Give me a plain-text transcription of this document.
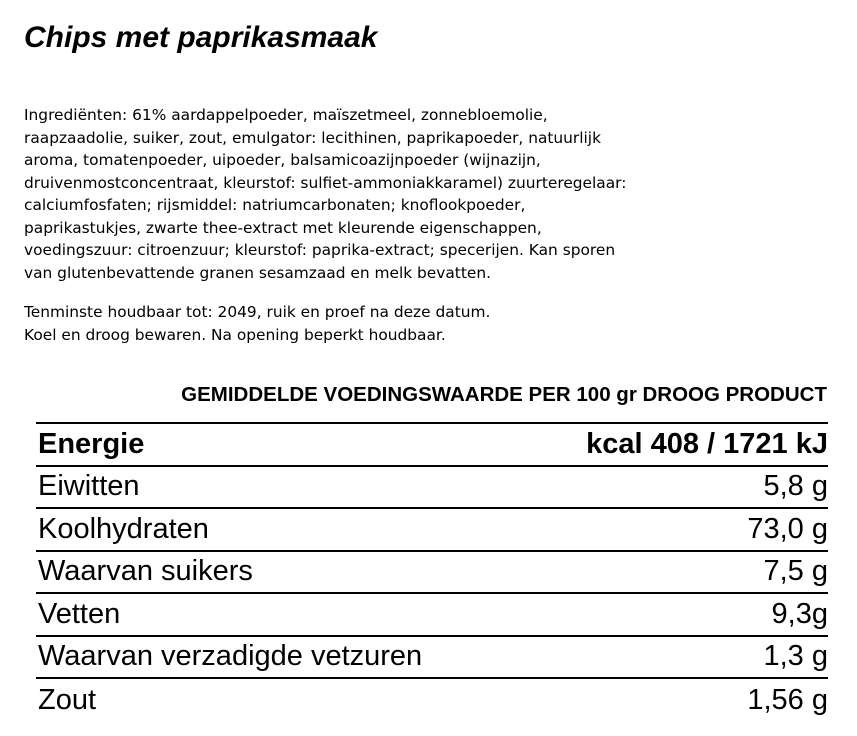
Chips met paprikasmaak
Ingrediënten: 61% aardappelpoeder, maïszetmeel, zonnebloemolie,
raapzaadolie, suiker, zout, emulgator: lecithinen, paprikapoeder, natuurlijk
aroma, tomatenpoeder, uipoeder, balsamicoazijnpoeder (wijnazijn,
druivenmostconcentraat, kleurstof: sulfiet-ammoniakkaramel) zuurteregelaar:
calciumfosfaten; rijsmiddel: natriumcarbonaten; knoflookpoeder,
paprikastukjes, zwarte thee-extract met kleurende eigenschappen,
voedingszuur: citroenzuur; kleurstof: paprika-extract; specerijen. Kan sporen
van glutenbevattende granen sesamzaad en melk bevatten.
Tenminste houdbaar tot: 2049, ruik en proef na deze datum.
Koel en droog bewaren. Na opening beperkt houdbaar.
GEMIDDELDE VOEDINGSWAARDE PER 100 gr DROOG PRODUCT
Energie	kcal 408 / 1721 kJ
Eiwitten	5,8 g
Koolhydraten	73,0 g
Waarvan suikers	7,5 g
Vetten	9,3g
Waarvan verzadigde vetzuren	1,3 g
Zout	1,56 g
